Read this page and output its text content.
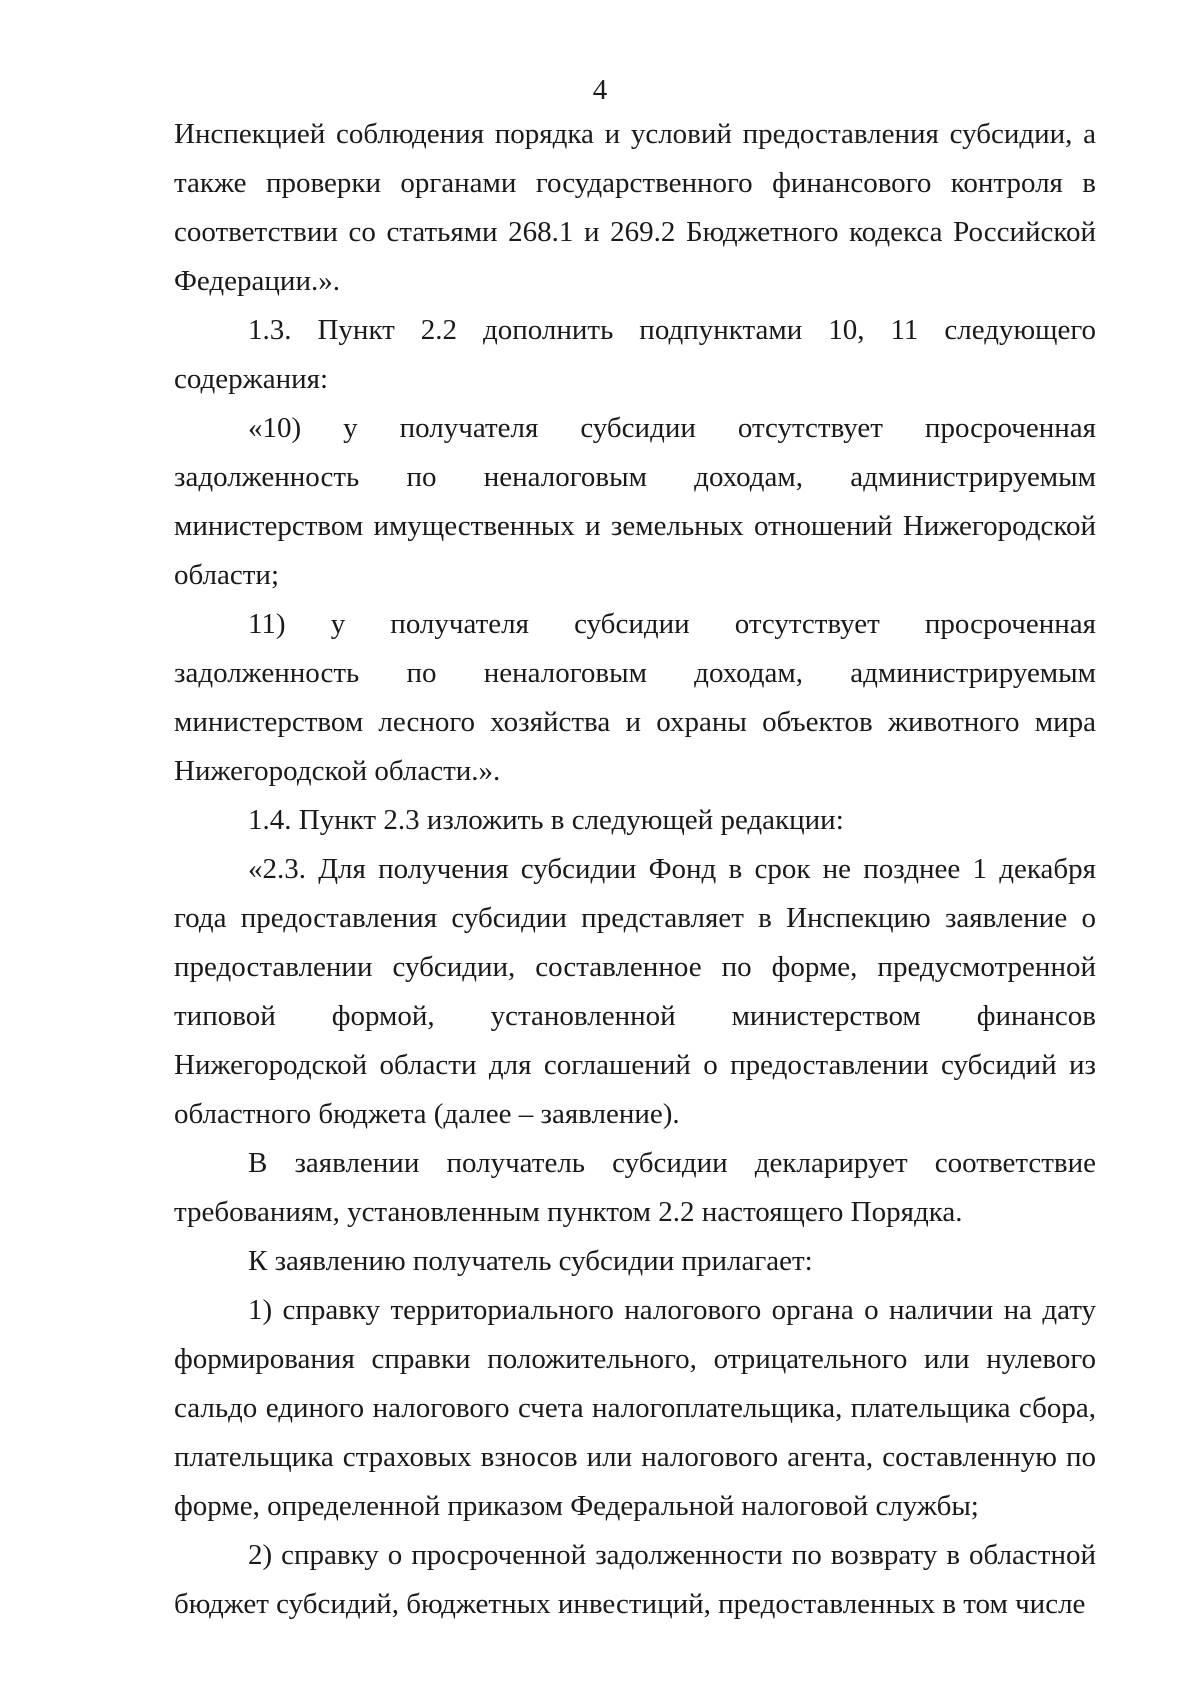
4

Инспекцией соблюдения порядка и условий предоставления субсидии, а также проверки органами государственного финансового контроля в соответствии со статьями 268.1 и 269.2 Бюджетного кодекса Российской Федерации.».

1.3. Пункт 2.2 дополнить подпунктами 10, 11 следующего содержания:

«10) у получателя субсидии отсутствует просроченная задолженность по неналоговым доходам, администрируемым министерством имущественных и земельных отношений Нижегородской области;

11) у получателя субсидии отсутствует просроченная задолженность по неналоговым доходам, администрируемым министерством лесного хозяйства и охраны объектов животного мира Нижегородской области.».

1.4. Пункт 2.3 изложить в следующей редакции:

«2.3. Для получения субсидии Фонд в срок не позднее 1 декабря года предоставления субсидии представляет в Инспекцию заявление о предоставлении субсидии, составленное по форме, предусмотренной типовой формой, установленной министерством финансов Нижегородской области для соглашений о предоставлении субсидий из областного бюджета (далее – заявление).

В заявлении получатель субсидии декларирует соответствие требованиям, установленным пунктом 2.2 настоящего Порядка.

К заявлению получатель субсидии прилагает:

1) справку территориального налогового органа о наличии на дату формирования справки положительного, отрицательного или нулевого сальдо единого налогового счета налогоплательщика, плательщика сбора, плательщика страховых взносов или налогового агента, составленную по форме, определенной приказом Федеральной налоговой службы;

2) справку о просроченной задолженности по возврату в областной бюджет субсидий, бюджетных инвестиций, предоставленных в том числе
